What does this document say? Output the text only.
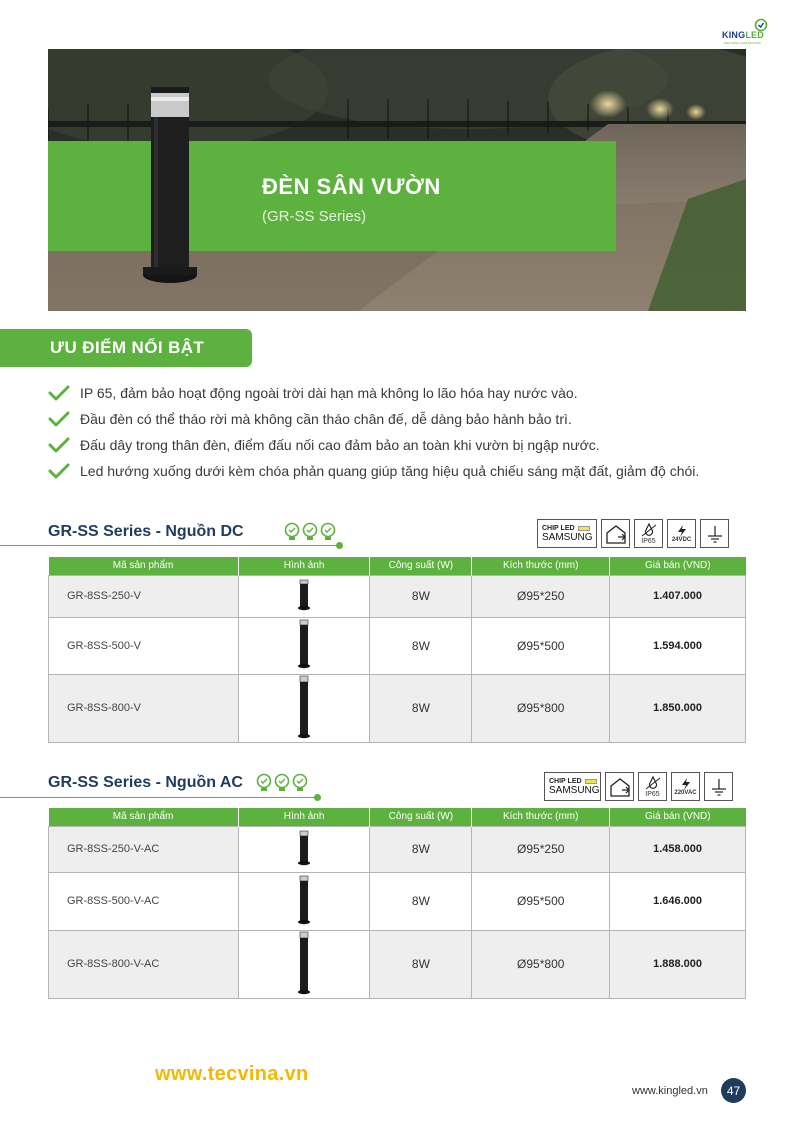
KINGLED
ÁNH SÁNG CHO MỌI NHÀ
ĐÈN SÂN VƯỜN
(GR-SS Series)
ƯU ĐIỂM NỔI BẬT
IP 65, đảm bảo hoạt động ngoài trời dài hạn mà không lo lão hóa hay nước vào.
Đầu đèn có thể tháo rời mà không cần tháo chân đế, dễ dàng bảo hành bảo trì.
Đấu dây trong thân đèn, điểm đấu nối cao đảm bảo an toàn khi vườn bị ngập nước.
Led hướng xuống dưới kèm chóa phản quang giúp tăng hiệu quả chiếu sáng mặt đất, giảm độ chói.
GR-SS Series - Nguồn DC	CHIP LED
SAMSUNG	IP65	24VDC
Mã sản phẩm	Hình ảnh	Công suất (W)	Kích thước (mm)	Giá bán (VND)
GR-8SS-250-V		8W	Ø95*250	1.407.000
GR-8SS-500-V		8W	Ø95*500	1.594.000
GR-8SS-800-V		8W	Ø95*800	1.850.000
GR-SS Series - Nguồn AC	CHIP LED
SAMSUNG	IP65 220VAC
Mã sản phẩm	Hình ảnh	Công suất (W)	Kích thước (mm)	Giá bán (VND)
GR-8SS-250-V-AC		8W	Ø95*250	1.458.000
GR-8SS-500-V-AC		8W	Ø95*500	1.646.000
GR-8SS-800-V-AC		8W	Ø95*800	1.888.000
www.tecvina.vn
www.kingled.vn	47
